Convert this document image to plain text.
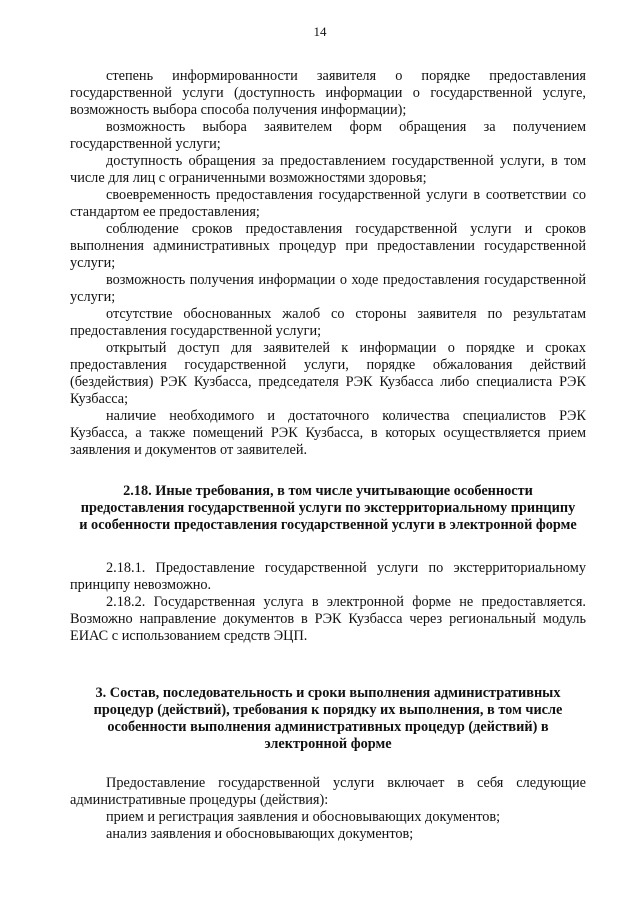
14

степень информированности заявителя о порядке предоставления государственной услуги (доступность информации о государственной услуге, возможность выбора способа получения информации);

возможность выбора заявителем форм обращения за получением государственной услуги;

доступность обращения за предоставлением государственной услуги, в том числе для лиц с ограниченными возможностями здоровья;

своевременность предоставления государственной услуги в соответствии со стандартом ее предоставления;

соблюдение сроков предоставления государственной услуги и сроков выполнения административных процедур при предоставлении государственной услуги;

возможность получения информации о ходе предоставления государственной услуги;

отсутствие обоснованных жалоб со стороны заявителя по результатам предоставления государственной услуги;

открытый доступ для заявителей к информации о порядке и сроках предоставления государственной услуги, порядке обжалования действий (бездействия) РЭК Кузбасса, председателя РЭК Кузбасса либо специалиста РЭК Кузбасса;

наличие необходимого и достаточного количества специалистов РЭК Кузбасса, а также помещений РЭК Кузбасса, в которых осуществляется прием заявления и документов от заявителей.

2.18. Иные требования, в том числе учитывающие особенности предоставления государственной услуги по экстерриториальному принципу и особенности предоставления государственной услуги в электронной форме

2.18.1. Предоставление государственной услуги по экстерриториальному принципу невозможно.

2.18.2. Государственная услуга в электронной форме не предоставляется. Возможно направление документов в РЭК Кузбасса через региональный модуль ЕИАС с использованием средств ЭЦП.

3. Состав, последовательность и сроки выполнения административных процедур (действий), требования к порядку их выполнения, в том числе особенности выполнения административных процедур (действий) в электронной форме

Предоставление государственной услуги включает в себя следующие административные процедуры (действия):

прием и регистрация заявления и обосновывающих документов;

анализ заявления и обосновывающих документов;
